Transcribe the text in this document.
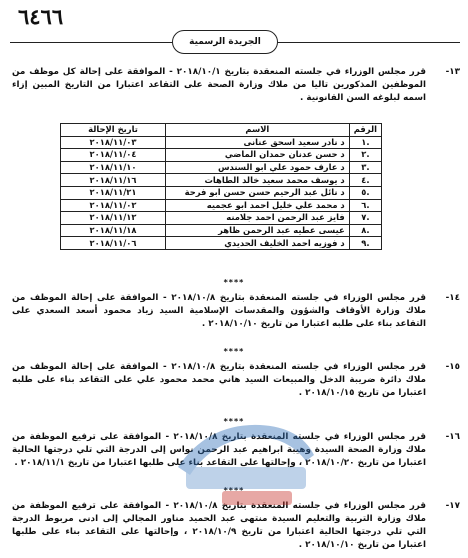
٦٤٦٦
الجريدة الرسمية
-١٣
قرر مجلس الوزراء في جلسته المنعقدة بتاريخ ٢٠١٨/١٠/١ - الموافقة على إحالة كل موظف من الموظفين المذكورين تاليا من ملاك وزارة الصحة على التقاعد اعتبارا من التاريخ المبين إزاء اسمه لبلوغه السن القانونية .
الرقم	الاسم	تاريخ الإحالة
.١	د نادر سعيد اسحق عنانى	٢٠١٨/١١/٠٣
.٢	د حسن عدنان حمدان الماضي	٢٠١٨/١١/٠٤
.٣	د عارف حمود علي ابو السندس	٢٠١٨/١١/١٠
.٤	د يوسف محمد سعيد خالد الطاهات	٢٠١٨/١١/١٦
.٥	د نائل عبد الرحيم حسن حسن ابو فرحة	٢٠١٨/١١/٢١
.٦	د محمد علي خليل احمد ابو عجميه	٢٠١٨/١١/٠٢
.٧	فايز عبد الرحمن احمد جلامنه	٢٠١٨/١١/١٢
.٨	عيسى عطيه عبد الرحمن ظاهر	٢٠١٨/١١/١٨
.٩	د فوزيه احمد الخليف الحديدي	٢٠١٨/١١/٠٦
****
-١٤
قرر مجلس الوزراء في جلسته المنعقدة بتاريخ ٢٠١٨/١٠/٨ - الموافقة على إحالة الموظف من ملاك وزارة الأوقاف والشؤون والمقدسات الإسلامية السيد زياد محمود أسعد السعدي على التقاعد بناء على طلبه اعتبارا من تاريخ ٢٠١٨/١٠/١٠ .
****
-١٥
قرر مجلس الوزراء في جلسته المنعقدة بتاريخ ٢٠١٨/١٠/٨ - الموافقة على إحالة الموظف من ملاك دائرة ضريبة الدخل والمبيعات السيد هاني محمد محمود علي على التقاعد بناء على طلبه اعتبارا من تاريخ ٢٠١٨/١٠/١٥ .
****
-١٦
قرر مجلس الوزراء في جلسته المنعقدة بتاريخ ٢٠١٨/١٠/٨ - الموافقة على ترفيع الموظفة من ملاك وزارة الصحة السيدة وهيبة ابراهيم عبد الرحمن نواس إلى الدرجة التي تلي درجتها الحالية اعتبارا من تاريخ ٢٠١٨/١٠/٢٠ ، وإحالتها على التقاعد بناء على طلبها اعتبارا من تاريخ ٢٠١٨/١١/١ .
****
-١٧
قرر مجلس الوزراء في جلسته المنعقدة بتاريخ ٢٠١٨/١٠/٨ - الموافقة على ترفيع الموظفة من ملاك وزارة التربية والتعليم السيدة منتهى عبد الحميد مناور المجالي إلى ادنى مربوط الدرجة التي تلي درجتها الحالية اعتبارا من تاريخ ٢٠١٨/١٠/٩ ، وإحالتها على التقاعد بناء على طلبها اعتبارا من تاريخ ٢٠١٨/١٠/١٠ .
